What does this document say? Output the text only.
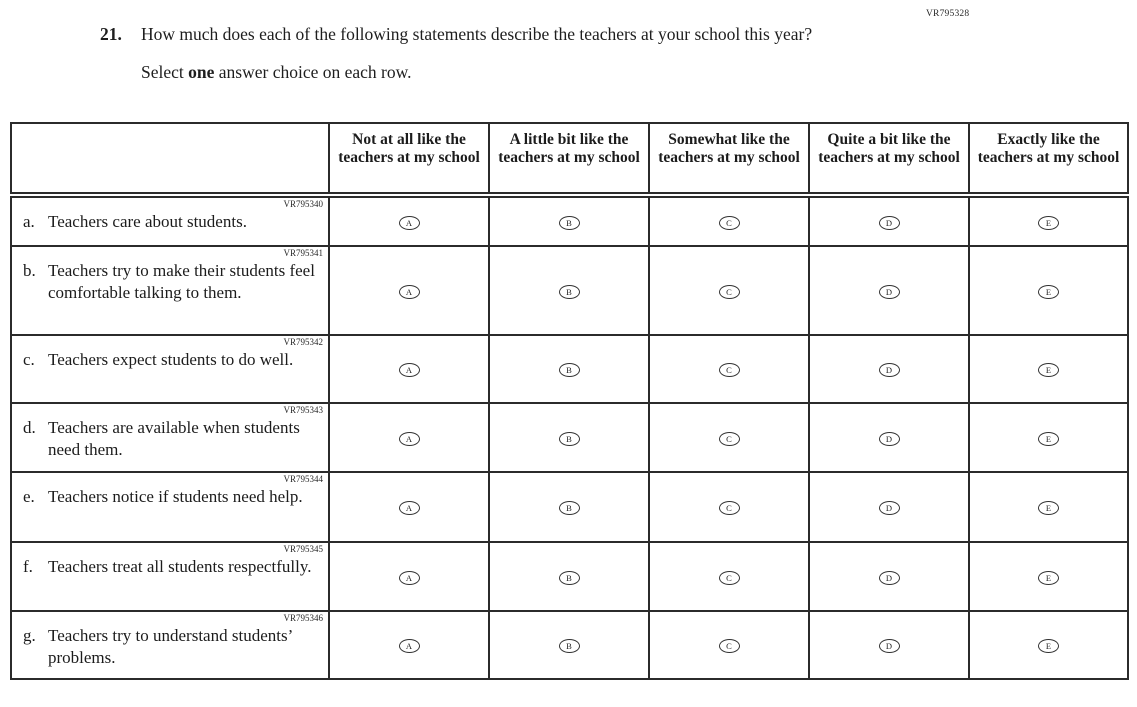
VR795328
21.	How much does each of the following statements describe the teachers at your school this year?
Select one answer choice on each row.
	Not at all like the teachers at my school	A little bit like the teachers at my school	Somewhat like the teachers at my school	Quite a bit like the teachers at my school	Exactly like the teachers at my school

VR795340
a. Teachers care about students.	A	B	C	D	E

VR795341
b. Teachers try to make their students feel comfortable talking to them.	A	B	C	D	E

VR795342
c. Teachers expect students to do well.	A	B	C	D	E

VR795343
d. Teachers are available when students need them.	A	B	C	D	E

VR795344
e. Teachers notice if students need help.	A	B	C	D	E

VR795345
f. Teachers treat all students respectfully.	A	B	C	D	E

VR795346
g. Teachers try to understand students’ problems.	A	B	C	D	E
